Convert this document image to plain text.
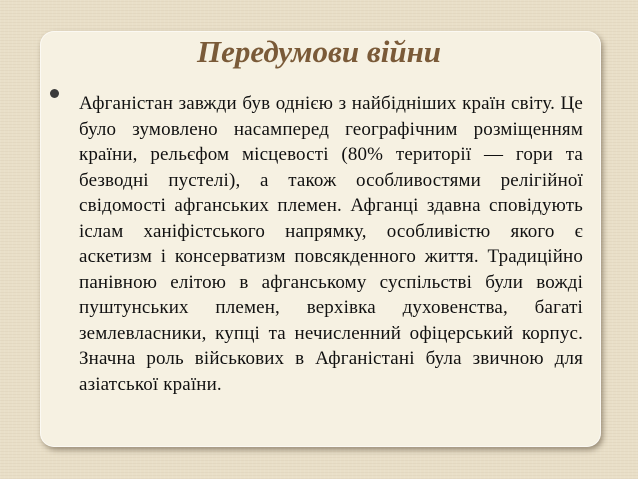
Передумови війни

Афганістан завжди був однією з найбідніших країн світу. Це було зумовлено насамперед географічним розміщенням країни, рельєфом місцевості (80% території — гори та безводні пустелі), а також особливостями релігійної свідомості афганських племен. Афганці здавна сповідують іслам ханіфістського напрямку, особливістю якого є аскетизм і консерватизм повсякденного життя. Традиційно панівною елітою в афганському суспільстві були вожді пуштунських племен, верхівка духовенства, багаті землевласники, купці та нечисленний офіцерський корпус. Значна роль військових в Афганістані була звичною для азіатської країни.
